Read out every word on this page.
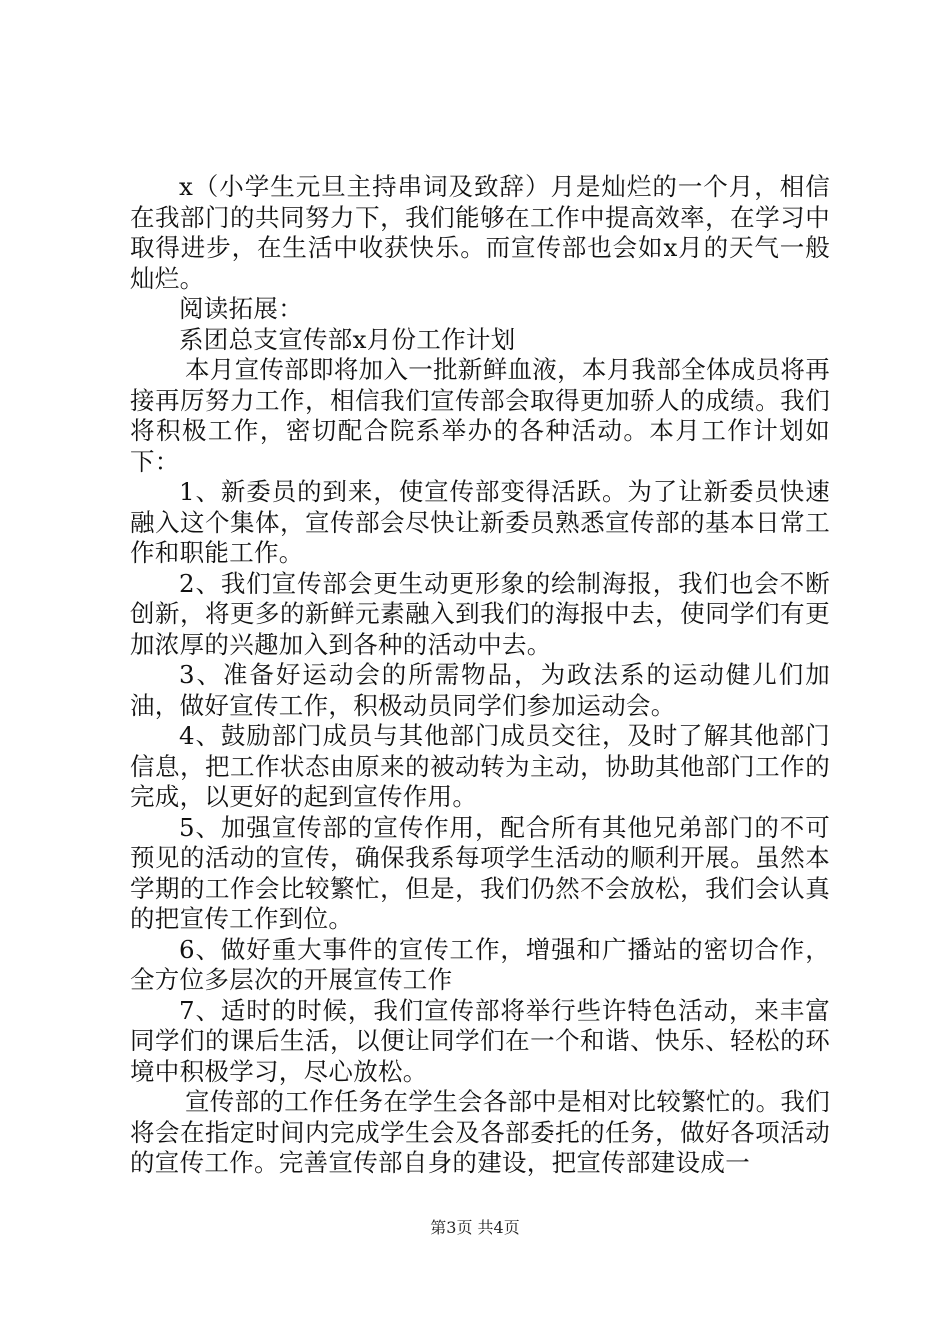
x（小学生元旦主持串词及致辞）月是灿烂的一个月，相信在我部门的共同努力下，我们能够在工作中提高效率，在学习中取得进步，在生活中收获快乐。而宣传部也会如x月的天气一般灿烂。

阅读拓展：

系团总支宣传部x月份工作计划

本月宣传部即将加入一批新鲜血液，本月我部全体成员将再接再厉努力工作，相信我们宣传部会取得更加骄人的成绩。我们将积极工作，密切配合院系举办的各种活动。本月工作计划如下：

1、新委员的到来，使宣传部变得活跃。为了让新委员快速融入这个集体，宣传部会尽快让新委员熟悉宣传部的基本日常工作和职能工作。

2、我们宣传部会更生动更形象的绘制海报，我们也会不断创新，将更多的新鲜元素融入到我们的海报中去，使同学们有更加浓厚的兴趣加入到各种的活动中去。

3、准备好运动会的所需物品，为政法系的运动健儿们加油，做好宣传工作，积极动员同学们参加运动会。

4、鼓励部门成员与其他部门成员交往，及时了解其他部门信息，把工作状态由原来的被动转为主动，协助其他部门工作的完成，以更好的起到宣传作用。

5、加强宣传部的宣传作用，配合所有其他兄弟部门的不可预见的活动的宣传，确保我系每项学生活动的顺利开展。虽然本学期的工作会比较繁忙，但是，我们仍然不会放松，我们会认真的把宣传工作到位。

6、做好重大事件的宣传工作，增强和广播站的密切合作，全方位多层次的开展宣传工作

7、适时的时候，我们宣传部将举行些许特色活动，来丰富同学们的课后生活，以便让同学们在一个和谐、快乐、轻松的环境中积极学习，尽心放松。

宣传部的工作任务在学生会各部中是相对比较繁忙的。我们将会在指定时间内完成学生会及各部委托的任务，做好各项活动的宣传工作。完善宣传部自身的建设，把宣传部建设成一

第3页 共4页
